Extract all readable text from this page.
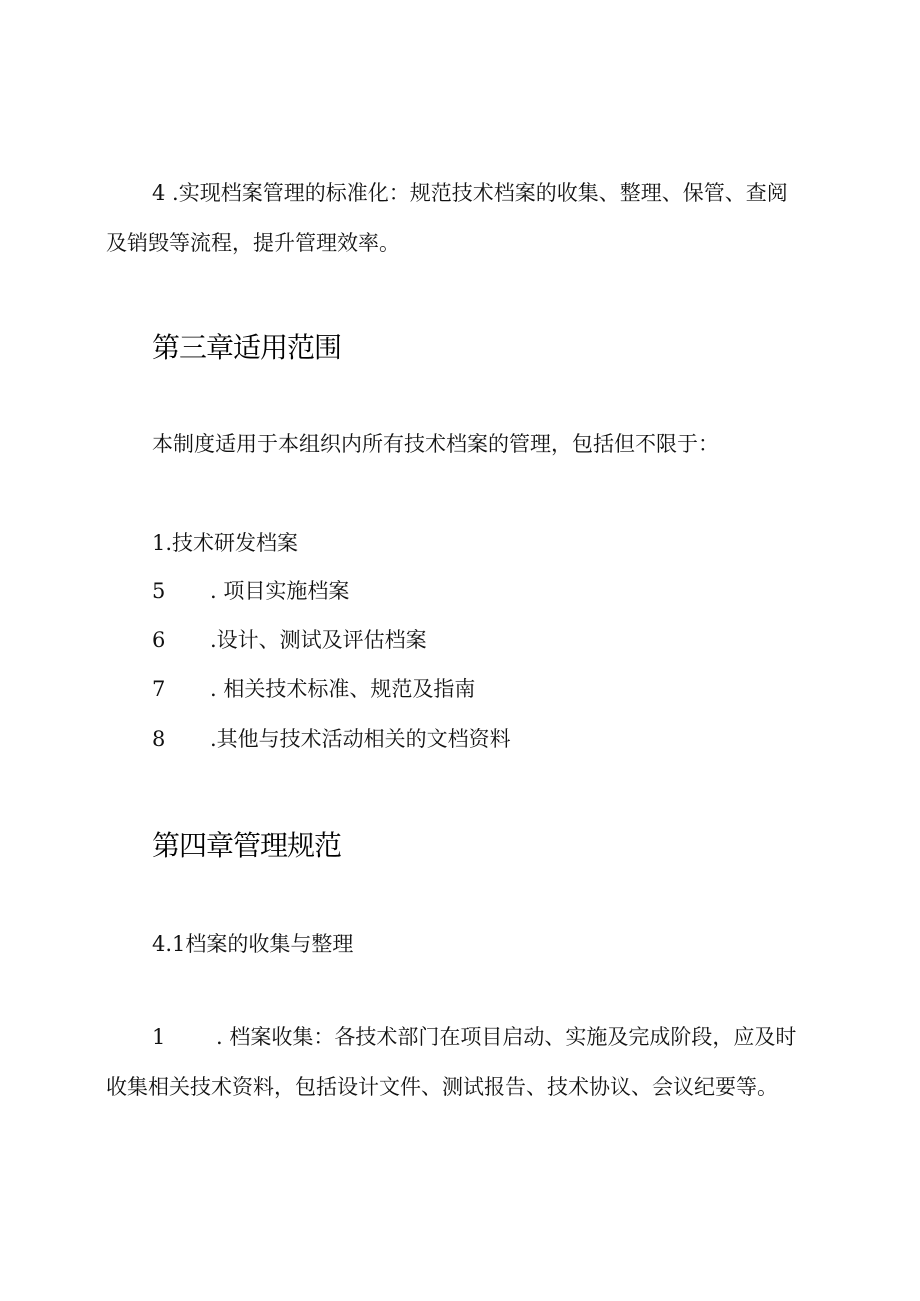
4 .实现档案管理的标准化：规范技术档案的收集、整理、保管、查阅
及销毁等流程，提升管理效率。
第三章适用范围
本制度适用于本组织内所有技术档案的管理，包括但不限于：
1.技术研发档案
5 . 项目实施档案
6 .设计、测试及评估档案
7 . 相关技术标准、规范及指南
8 .其他与技术活动相关的文档资料
第四章管理规范
4.1档案的收集与整理
1 . 档案收集：各技术部门在项目启动、实施及完成阶段，应及时
收集相关技术资料，包括设计文件、测试报告、技术协议、会议纪要等。
